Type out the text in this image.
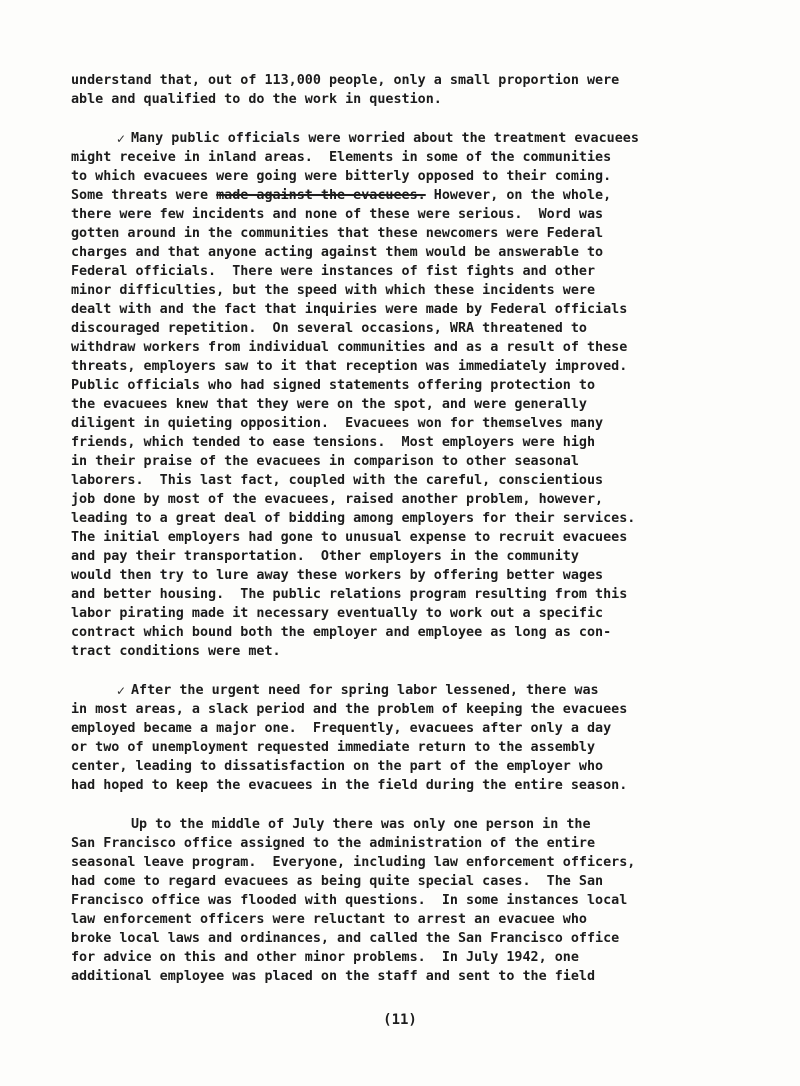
understand that, out of 113,000 people, only a small proportion were
able and qualified to do the work in question.
✓ Many public officials were worried about the treatment evacuees
might receive in inland areas.  Elements in some of the communities
to which evacuees were going were bitterly opposed to their coming.
Some threats were made against the evacuees. However, on the whole,
there were few incidents and none of these were serious.  Word was
gotten around in the communities that these newcomers were Federal
charges and that anyone acting against them would be answerable to
Federal officials.  There were instances of fist fights and other
minor difficulties, but the speed with which these incidents were
dealt with and the fact that inquiries were made by Federal officials
discouraged repetition.  On several occasions, WRA threatened to
withdraw workers from individual communities and as a result of these
threats, employers saw to it that reception was immediately improved.
Public officials who had signed statements offering protection to
the evacuees knew that they were on the spot, and were generally
diligent in quieting opposition.  Evacuees won for themselves many
friends, which tended to ease tensions.  Most employers were high
in their praise of the evacuees in comparison to other seasonal
laborers.  This last fact, coupled with the careful, conscientious
job done by most of the evacuees, raised another problem, however,
leading to a great deal of bidding among employers for their services.
The initial employers had gone to unusual expense to recruit evacuees
and pay their transportation.  Other employers in the community
would then try to lure away these workers by offering better wages
and better housing.  The public relations program resulting from this
labor pirating made it necessary eventually to work out a specific
contract which bound both the employer and employee as long as con-
tract conditions were met.
✓ After the urgent need for spring labor lessened, there was
in most areas, a slack period and the problem of keeping the evacuees
employed became a major one.  Frequently, evacuees after only a day
or two of unemployment requested immediate return to the assembly
center, leading to dissatisfaction on the part of the employer who
had hoped to keep the evacuees in the field during the entire season.
Up to the middle of July there was only one person in the
San Francisco office assigned to the administration of the entire
seasonal leave program.  Everyone, including law enforcement officers,
had come to regard evacuees as being quite special cases.  The San
Francisco office was flooded with questions.  In some instances local
law enforcement officers were reluctant to arrest an evacuee who
broke local laws and ordinances, and called the San Francisco office
for advice on this and other minor problems.  In July 1942, one
additional employee was placed on the staff and sent to the field
(11)
